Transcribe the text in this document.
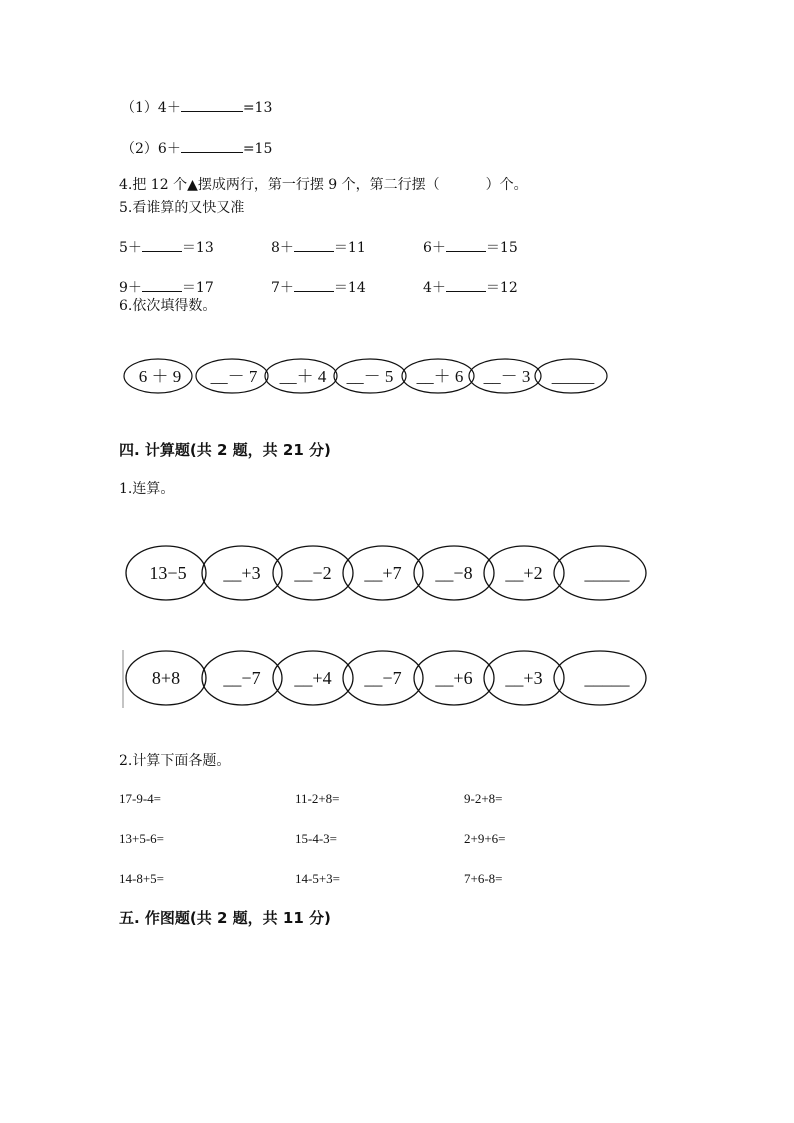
（1）4＋	=13
（2）6＋	=15
4.把 12 个▲摆成两行，第一行摆 9 个，第二行摆（	）个。
5.看谁算的又快又准
5＋	＝13	8＋	＝11	6＋	＝15
9＋	＝17	7＋	＝14	4＋	＝12
6.依次填得数。
6 ＋ 9 __－ 7 __＋ 4 __－ 5 __＋ 6 __－ 3 _____
四. 计算题(共 2 题，共 21 分)
1.连算。
13−5 __+3 __−2 __+7 __−8 __+2 _____
8+8 __−7 __+4 __−7 __+6 __+3 _____
2.计算下面各题。
17-9-4=	11-2+8=	9-2+8=
13+5-6=	15-4-3=	2+9+6=
14-8+5=	14-5+3=	7+6-8=
五. 作图题(共 2 题，共 11 分)
